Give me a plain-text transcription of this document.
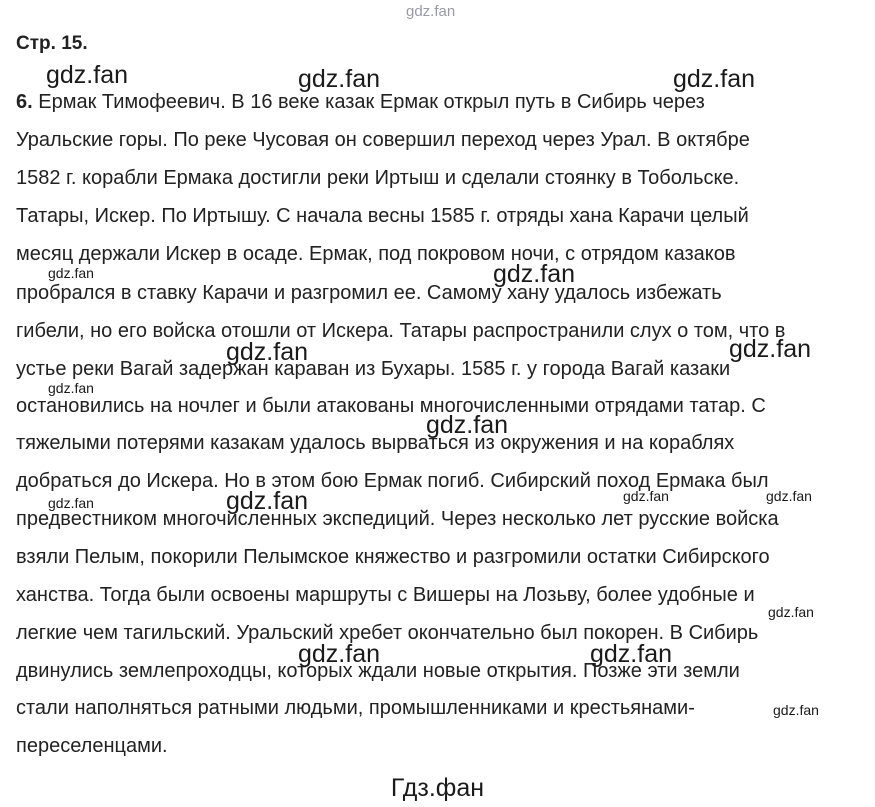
gdz.fan
Стр. 15.
6. Ермак Тимофеевич. В 16 веке казак Ермак открыл путь в Сибирь через
Уральские горы. По реке Чусовая он совершил переход через Урал. В октябре
1582 г. корабли Ермака достигли реки Иртыш и сделали стоянку в Тобольске.
Татары, Искер. По Иртышу. С начала весны 1585 г. отряды хана Карачи целый
месяц держали Искер в осаде. Ермак, под покровом ночи, с отрядом казаков
пробрался в ставку Карачи и разгромил ее. Самому хану удалось избежать
гибели, но его войска отошли от Искера. Татары распространили слух о том, что в
устье реки Вагай задержан караван из Бухары. 1585 г. у города Вагай казаки
остановились на ночлег и были атакованы многочисленными отрядами татар. С
тяжелыми потерями казакам удалось вырваться из окружения и на кораблях
добраться до Искера. Но в этом бою Ермак погиб. Сибирский поход Ермака был
предвестником многочисленных экспедиций. Через несколько лет русские войска
взяли Пелым, покорили Пелымское княжество и разгромили остатки Сибирского
ханства. Тогда были освоены маршруты с Вишеры на Лозьву, более удобные и
легкие чем тагильский. Уральский хребет окончательно был покорен. В Сибирь
двинулись землепроходцы, которых ждали новые открытия. Позже эти земли
стали наполняться ратными людьми, промышленниками и крестьянами-
переселенцами.
gdz.fan	gdz.fan	gdz.fan
gdz.fan
gdz.fan	gdz.fan
gdz.fan
gdz.fan
gdz.fan	gdz.fan
gdz.fan
gdz.fan
gdz.fan	gdz.fan	gdz.fan
gdz.fan
gdz.fan
Гдз.фан
